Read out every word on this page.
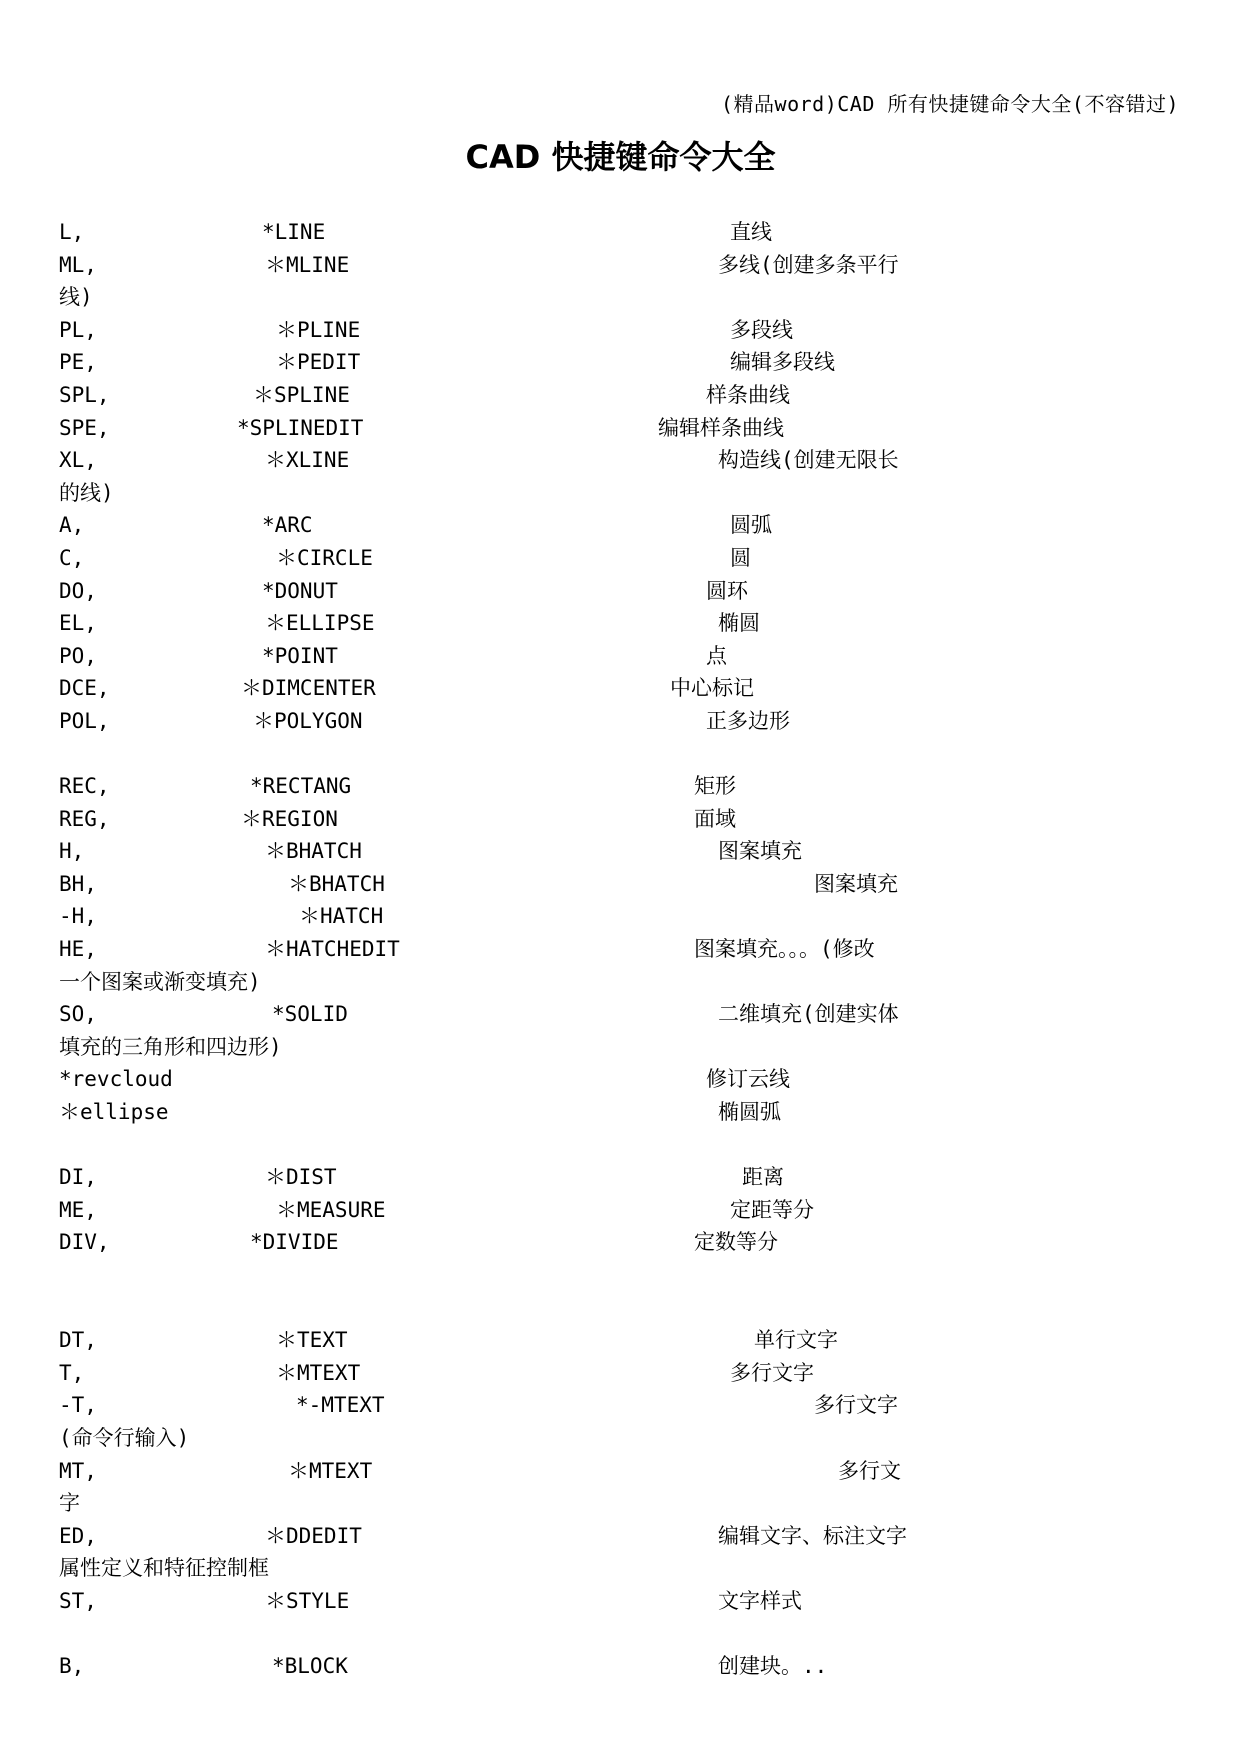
(精品word)CAD 所有快捷键命令大全(不容错过)
CAD 快捷键命令大全
L,	*LINE	直线
ML,	＊MLINE	多线(创建多条平行
线)
PL,	＊PLINE	多段线
PE,	＊PEDIT	编辑多段线
SPL,	＊SPLINE	样条曲线
SPE,	*SPLINEDIT	编辑样条曲线
XL,	＊XLINE	构造线(创建无限长
的线)
A,	*ARC	圆弧
C,	＊CIRCLE	圆
DO,	*DONUT	圆环
EL,	＊ELLIPSE	椭圆
PO,	*POINT	点
DCE,	＊DIMCENTER	中心标记
POL,	＊POLYGON	正多边形
REC,	*RECTANG	矩形
REG,	＊REGION	面域
H,	＊BHATCH	图案填充
BH,	＊BHATCH	图案填充
-H,	＊HATCH
HE,	＊HATCHEDIT	图案填充。。。(修改
一个图案或渐变填充)
SO,	*SOLID	二维填充(创建实体
填充的三角形和四边形)
*revcloud	修订云线
＊ellipse	椭圆弧
DI,	＊DIST	距离
ME,	＊MEASURE	定距等分
DIV,	*DIVIDE	定数等分
DT,	＊TEXT	单行文字
T,	＊MTEXT	多行文字
-T,	*-MTEXT	多行文字
(命令行输入)
MT,	＊MTEXT	多行文
字
ED,	＊DDEDIT	编辑文字、标注文字
属性定义和特征控制框
ST,	＊STYLE	文字样式
B,	*BLOCK	创建块。..
